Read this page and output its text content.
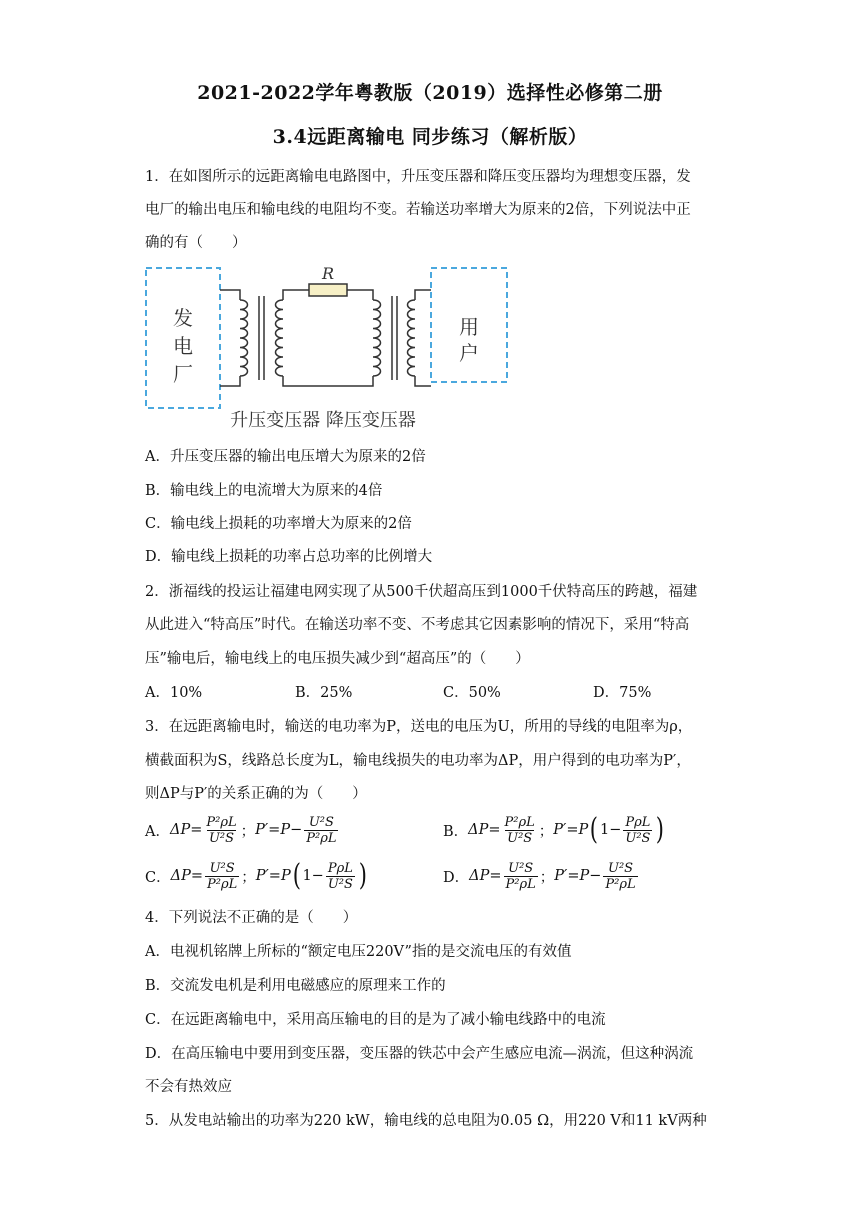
2021-2022学年粤教版（2019）选择性必修第二册
3.4远距离输电 同步练习（解析版）
1．在如图所示的远距离输电电路图中，升压变压器和降压变压器均为理想变压器，发
电厂的输出电压和输电线的电阻均不变。若输送功率增大为原来的2倍，下列说法中正
确的有（　　）
发
电
厂
用
户
R
升压变压器 降压变压器
A．升压变压器的输出电压增大为原来的2倍
B．输电线上的电流增大为原来的4倍
C．输电线上损耗的功率增大为原来的2倍
D．输电线上损耗的功率占总功率的比例增大
2．浙福线的投运让福建电网实现了从500千伏超高压到1000千伏特高压的跨越，福建
从此进入“特高压”时代。在输送功率不变、不考虑其它因素影响的情况下，采用“特高
压”输电后，输电线上的电压损失减少到“超高压”的（　　）
A．10%	B．25%	C．50%	D．75%
3．在远距离输电时，输送的电功率为P，送电的电压为U，所用的导线的电阻率为ρ，
横截面积为S，线路总长度为L，输电线损失的电功率为ΔP，用户得到的电功率为P′，
则ΔP与P′的关系正确的为（　　）
A． $\Delta P = \frac{\text{P²ρL}}{\text{U²S}}$ ； $P' = P - \frac{\text{U²S}}{\text{P²ρL}}$	B． $\Delta P = \frac{\text{P²ρL}}{\text{U²S}}$ ； P′ = P ( $1- \frac{\text{PρL}}{\text{U²S}}$ )
C． $\Delta P = \frac{\text{U²S}}{\text{P²ρL}}$ ； P′ = P ( $1- \frac{\text{PρL}}{\text{U²S}}$ )	D． $\Delta P = \frac{\text{U²S}}{\text{P²ρL}}$ ； $P' = P - \frac{\text{U²S}}{\text{P²ρL}}$
4．下列说法不正确的是（　　）
A．电视机铭牌上所标的“额定电压220V”指的是交流电压的有效值
B．交流发电机是利用电磁感应的原理来工作的
C．在远距离输电中，采用高压输电的目的是为了减小输电线路中的电流
D．在高压输电中要用到变压器，变压器的铁芯中会产生感应电流—涡流，但这种涡流
不会有热效应
5．从发电站输出的功率为220 kW，输电线的总电阻为0.05 Ω，用220 V和11 kV两种
